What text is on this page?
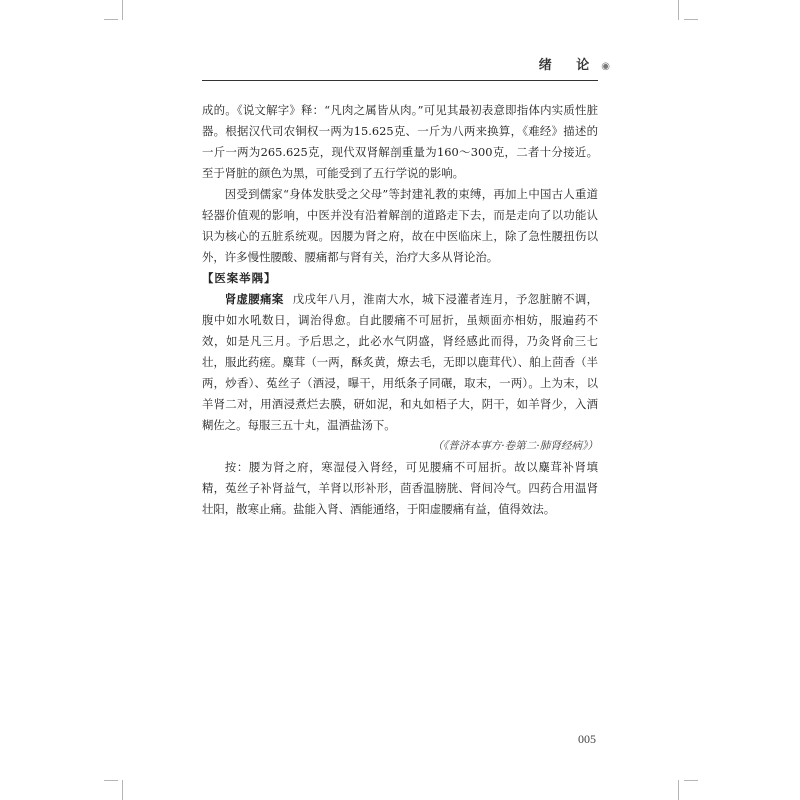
绪 论 ◉

成的。《说文解字》释：“凡肉之属皆从肉。”可见其最初表意即指体内实质性脏器。根据汉代司农铜权一两为15.625克、一斤为八两来换算，《难经》描述的一斤一两为265.625克，现代双肾解剖重量为160～300克，二者十分接近。至于肾脏的颜色为黑，可能受到了五行学说的影响。

因受到儒家“身体发肤受之父母”等封建礼教的束缚，再加上中国古人重道轻器价值观的影响，中医并没有沿着解剖的道路走下去，而是走向了以功能认识为核心的五脏系统观。因腰为肾之府，故在中医临床上，除了急性腰扭伤以外，许多慢性腰酸、腰痛都与肾有关，治疗大多从肾论治。

【医案举隅】

肾虚腰痛案 戊戌年八月，淮南大水，城下浸灌者连月，予忽脏腑不调，腹中如水吼数日，调治得愈。自此腰痛不可屈折，虽颊面亦相妨，服遍药不效，如是凡三月。予后思之，此必水气阴盛，肾经感此而得，乃灸肾俞三七壮，服此药瘥。麋茸（一两，酥炙黄，燎去毛，无即以鹿茸代）、舶上茴香（半两，炒香）、菟丝子（酒浸，曝干，用纸条子同碾，取末，一两）。上为末，以羊肾二对，用酒浸煮烂去膜，研如泥，和丸如梧子大，阴干，如羊肾少，入酒糊佐之。每服三五十丸，温酒盐汤下。

（《普济本事方·卷第二·肺肾经病》）

按：腰为肾之府，寒湿侵入肾经，可见腰痛不可屈折。故以麋茸补肾填精，菟丝子补肾益气，羊肾以形补形，茴香温膀胱、肾间冷气。四药合用温肾壮阳，散寒止痛。盐能入肾、酒能通络，于阳虚腰痛有益，值得效法。

005
